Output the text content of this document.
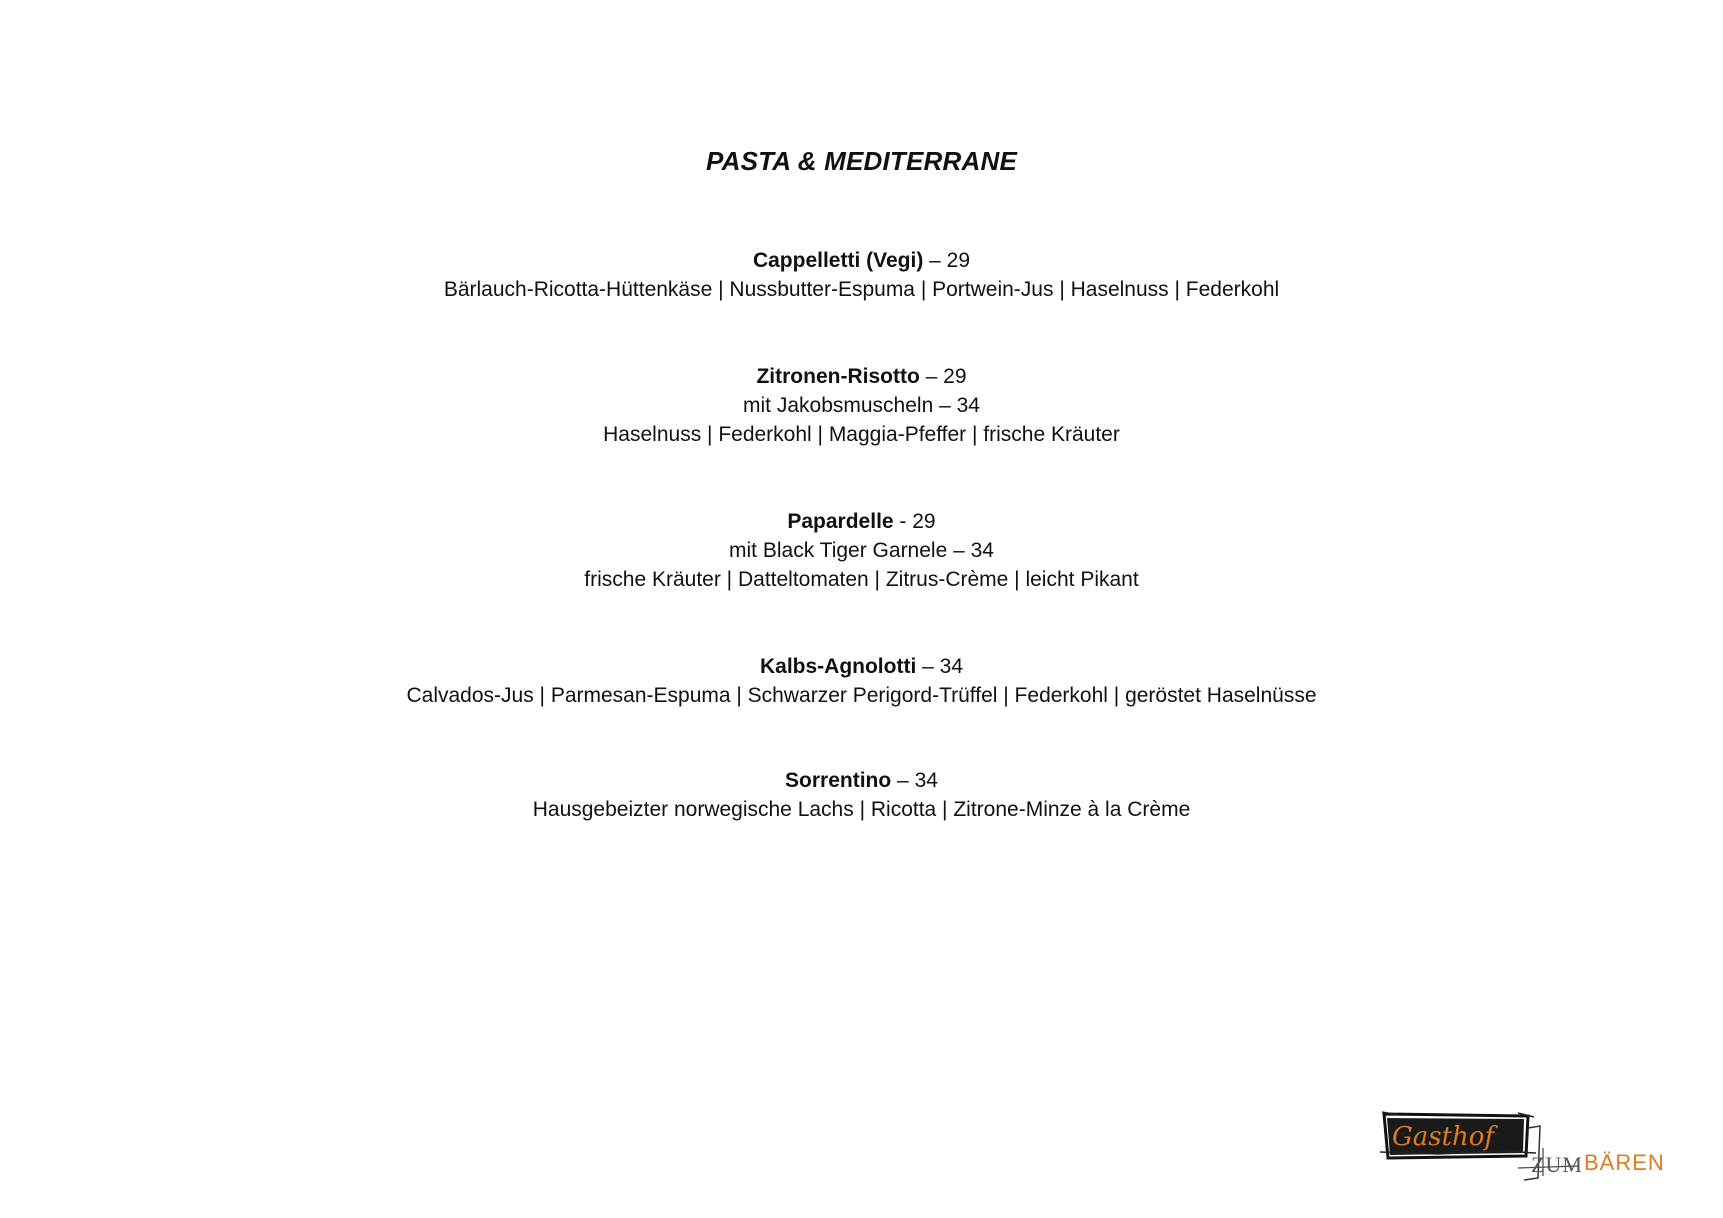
PASTA & MEDITERRANE
Cappelletti (Vegi) – 29
Bärlauch-Ricotta-Hüttenkäse | Nussbutter-Espuma | Portwein-Jus | Haselnuss | Federkohl
Zitronen-Risotto – 29
mit Jakobsmuscheln – 34
Haselnuss | Federkohl | Maggia-Pfeffer | frische Kräuter
Papardelle - 29
mit Black Tiger Garnele – 34
frische Kräuter | Datteltomaten | Zitrus-Crème | leicht Pikant
Kalbs-Agnolotti – 34
Calvados-Jus | Parmesan-Espuma | Schwarzer Perigord-Trüffel | Federkohl | geröstet Haselnüsse
Sorrentino – 34
Hausgebeizter norwegische Lachs | Ricotta | Zitrone-Minze à la Crème
Gasthof
ZUM BÄREN
